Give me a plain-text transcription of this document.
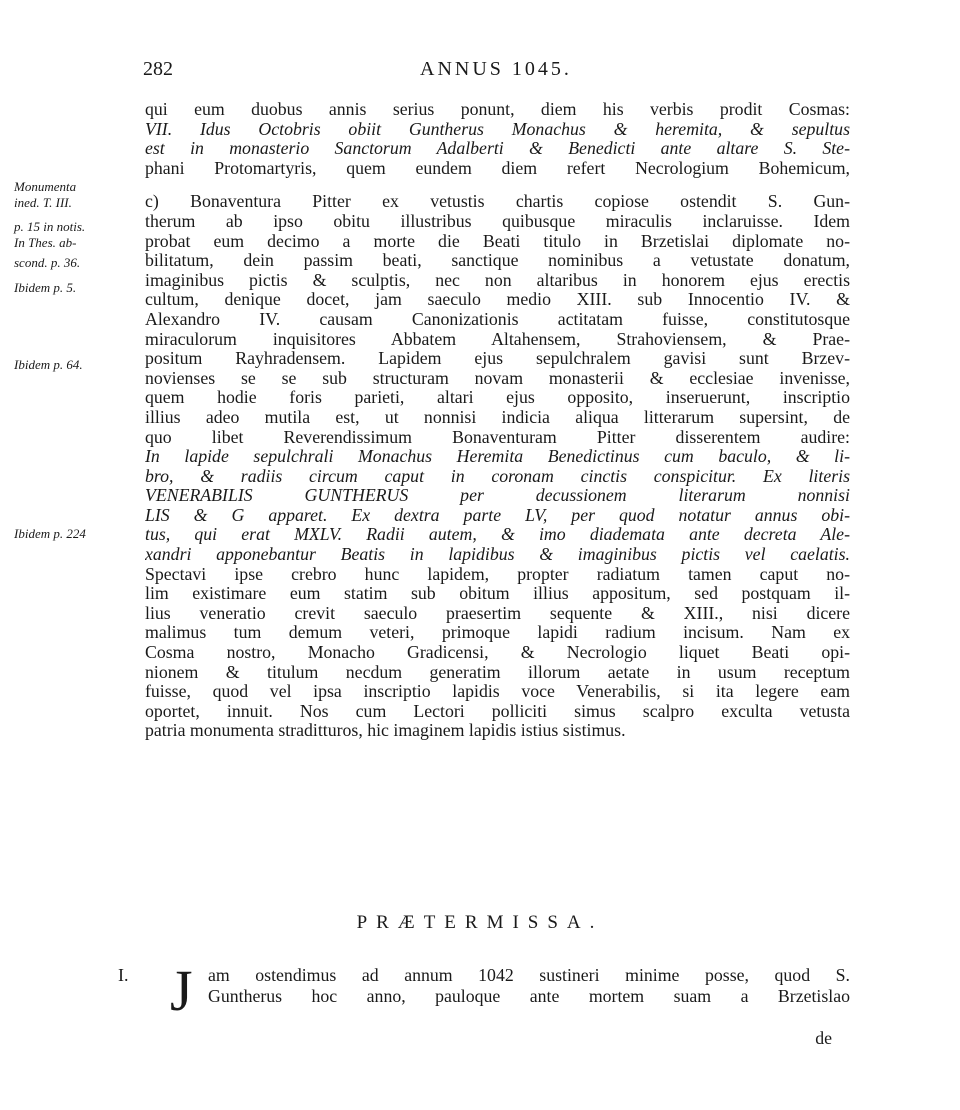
282	ANNUS 1045.
Monumenta
ined. T. III.
p. 15 in notis.
In Thes. ab-
scond. p. 36.
Ibidem p. 5.
Ibidem p. 64.
Ibidem p. 224
qui eum duobus annis serius ponunt, diem his verbis prodit Cosmas:
VII. Idus Octobris obiit Guntherus Monachus & heremita, & sepultus
est in monasterio Sanctorum Adalberti & Benedicti ante altare S. Ste-
phani Protomartyris, quem eundem diem refert Necrologium Bohemicum,
c) Bonaventura Pitter ex vetustis chartis copiose ostendit S. Gun-
therum ab ipso obitu illustribus quibusque miraculis inclaruisse. Idem
probat eum decimo a morte die Beati titulo in Brzetislai diplomate no-
bilitatum, dein passim beati, sanctique nominibus a vetustate donatum,
imaginibus pictis & sculptis, nec non altaribus in honorem ejus erectis
cultum, denique docet, jam saeculo medio XIII. sub Innocentio IV. &
Alexandro IV. causam Canonizationis actitatam fuisse, constitutosque
miraculorum inquisitores Abbatem Altahensem, Strahoviensem, & Prae-
positum Rayhradensem. Lapidem ejus sepulchralem gavisi sunt Brzev-
novienses se se sub structuram novam monasterii & ecclesiae invenisse,
quem hodie foris parieti, altari ejus opposito, inseruerunt, inscriptio
illius adeo mutila est, ut nonnisi indicia aliqua litterarum supersint, de
quo libet Reverendissimum Bonaventuram Pitter disserentem audire:
In lapide sepulchrali Monachus Heremita Benedictinus cum baculo, & li-
bro, & radiis circum caput in coronam cinctis conspicitur. Ex literis
VENERABILIS GUNTHERUS per decussionem literarum nonnisi
LIS & G apparet. Ex dextra parte LV, per quod notatur annus obi-
tus, qui erat MXLV. Radii autem, & imo diademata ante decreta Ale-
xandri apponebantur Beatis in lapidibus & imaginibus pictis vel caelatis.
Spectavi ipse crebro hunc lapidem, propter radiatum tamen caput no-
lim existimare eum statim sub obitum illius appositum, sed postquam il-
lius veneratio crevit saeculo praesertim sequente & XIII., nisi dicere
malimus tum demum veteri, primoque lapidi radium incisum. Nam ex
Cosma nostro, Monacho Gradicensi, & Necrologio liquet Beati opi-
nionem & titulum necdum generatim illorum aetate in usum receptum
fuisse, quod vel ipsa inscriptio lapidis voce Venerabilis, si ita legere eam
oportet, innuit. Nos cum Lectori polliciti simus scalpro exculta vetusta
patria monumenta straditturos, hic imaginem lapidis istius sistimus.
PRÆTERMISSA.
I. J am ostendimus ad annum 1042 sustineri minime posse, quod S.
Guntherus hoc anno, pauloque ante mortem suam a Brzetislao
de
